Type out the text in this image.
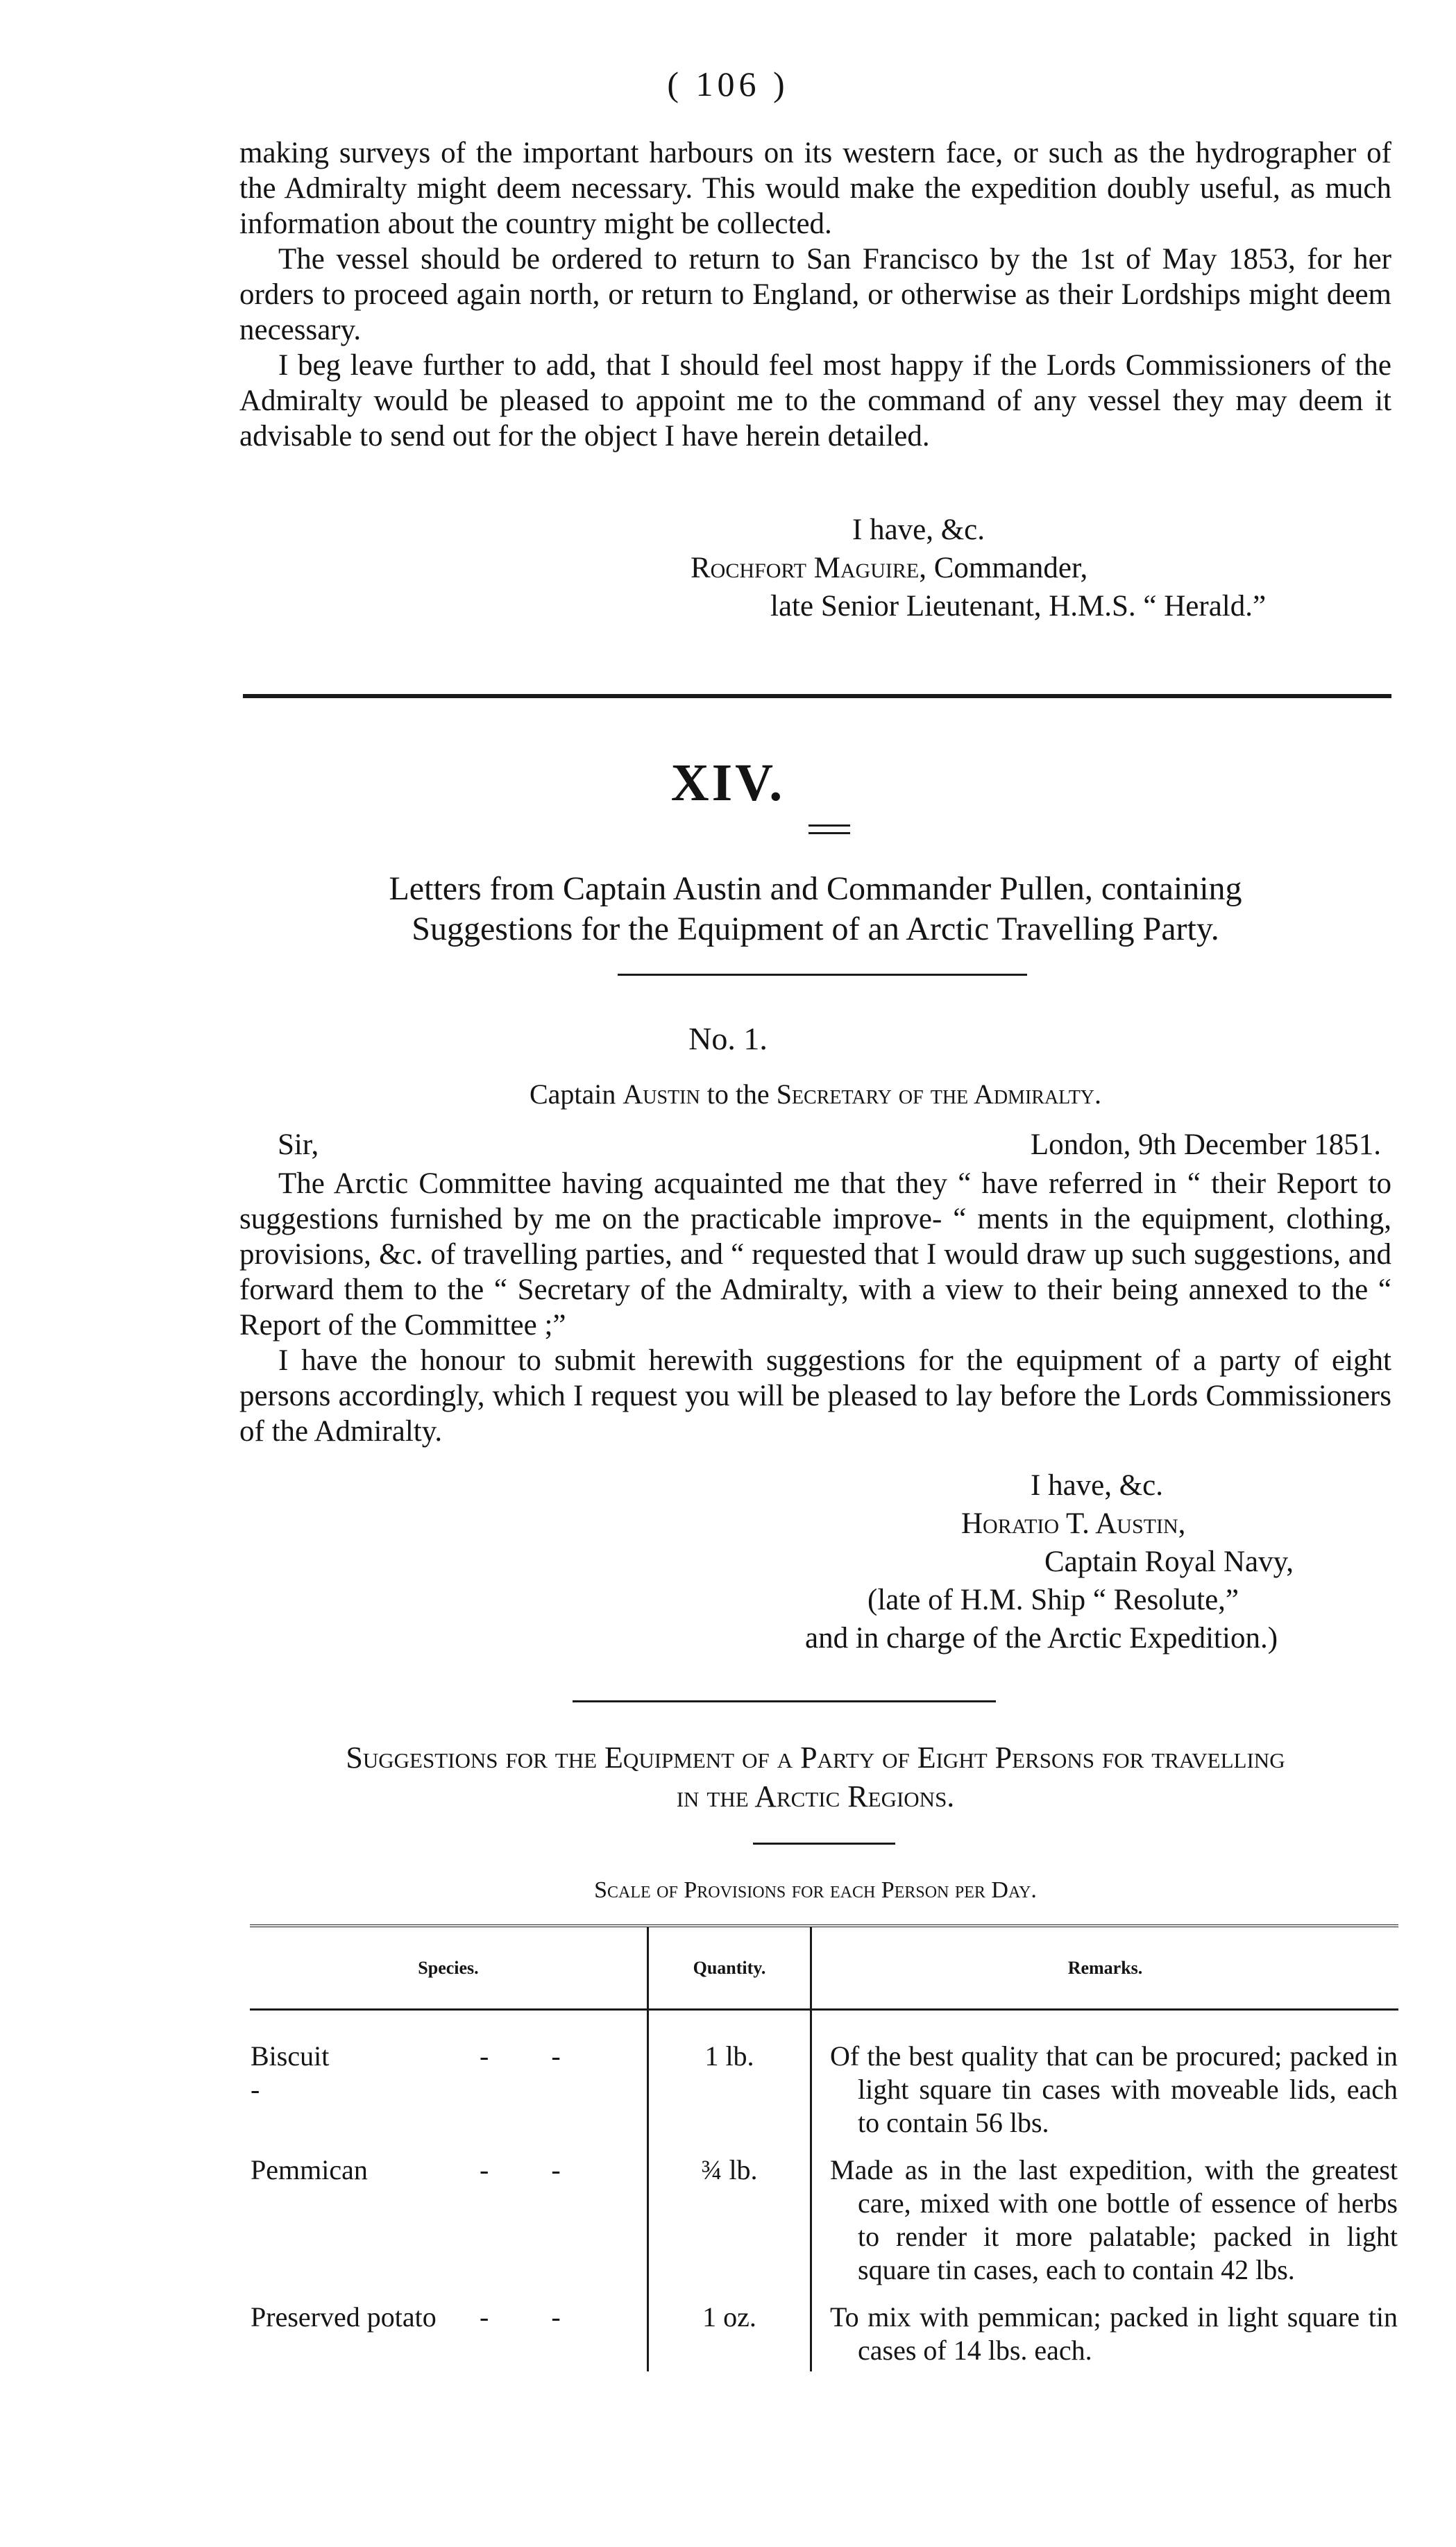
( 106 )

making surveys of the important harbours on its western face, or such as the hydrographer of the Admiralty might deem necessary. This would make the expedition doubly useful, as much information about the country might be collected.

The vessel should be ordered to return to San Francisco by the 1st of May 1853, for her orders to proceed again north, or return to England, or otherwise as their Lordships might deem necessary.

I beg leave further to add, that I should feel most happy if the Lords Commissioners of the Admiralty would be pleased to appoint me to the command of any vessel they may deem it advisable to send out for the object I have herein detailed.

I have, &c.
Rochfort Maguire, Commander,
late Senior Lieutenant, H.M.S. “ Herald.”
XIV.
Letters from Captain Austin and Commander Pullen, containing
Suggestions for the Equipment of an Arctic Travelling Party.
No. 1.
Captain Austin to the Secretary of the Admiralty.
Sir,	London, 9th December 1851.

The Arctic Committee having acquainted me that they “ have referred in “ their Report to suggestions furnished by me on the practicable improve- “ ments in the equipment, clothing, provisions, &c. of travelling parties, and “ requested that I would draw up such suggestions, and forward them to the “ Secretary of the Admiralty, with a view to their being annexed to the “ Report of the Committee ;”

I have the honour to submit herewith suggestions for the equipment of a party of eight persons accordingly, which I request you will be pleased to lay before the Lords Commissioners of the Admiralty.

I have, &c.
Horatio T. Austin,
Captain Royal Navy,
(late of H.M. Ship “ Resolute,”
and in charge of the Arctic Expedition.)
Suggestions for the Equipment of a Party of Eight Persons for travelling
in the Arctic Regions.
Scale of Provisions for each Person per Day.
Species.	Quantity.	Remarks.
Biscuit - - -	1 lb.	Of the best quality that can be procured; packed in light square tin cases with moveable lids, each to contain 56 lbs.

Pemmican - -	¾ lb.	Made as in the last expedition, with the greatest care, mixed with one bottle of essence of herbs to render it more palatable; packed in light square tin cases, each to contain 42 lbs.

Preserved potato - -	1 oz.	To mix with pemmican; packed in light square tin cases of 14 lbs. each.
